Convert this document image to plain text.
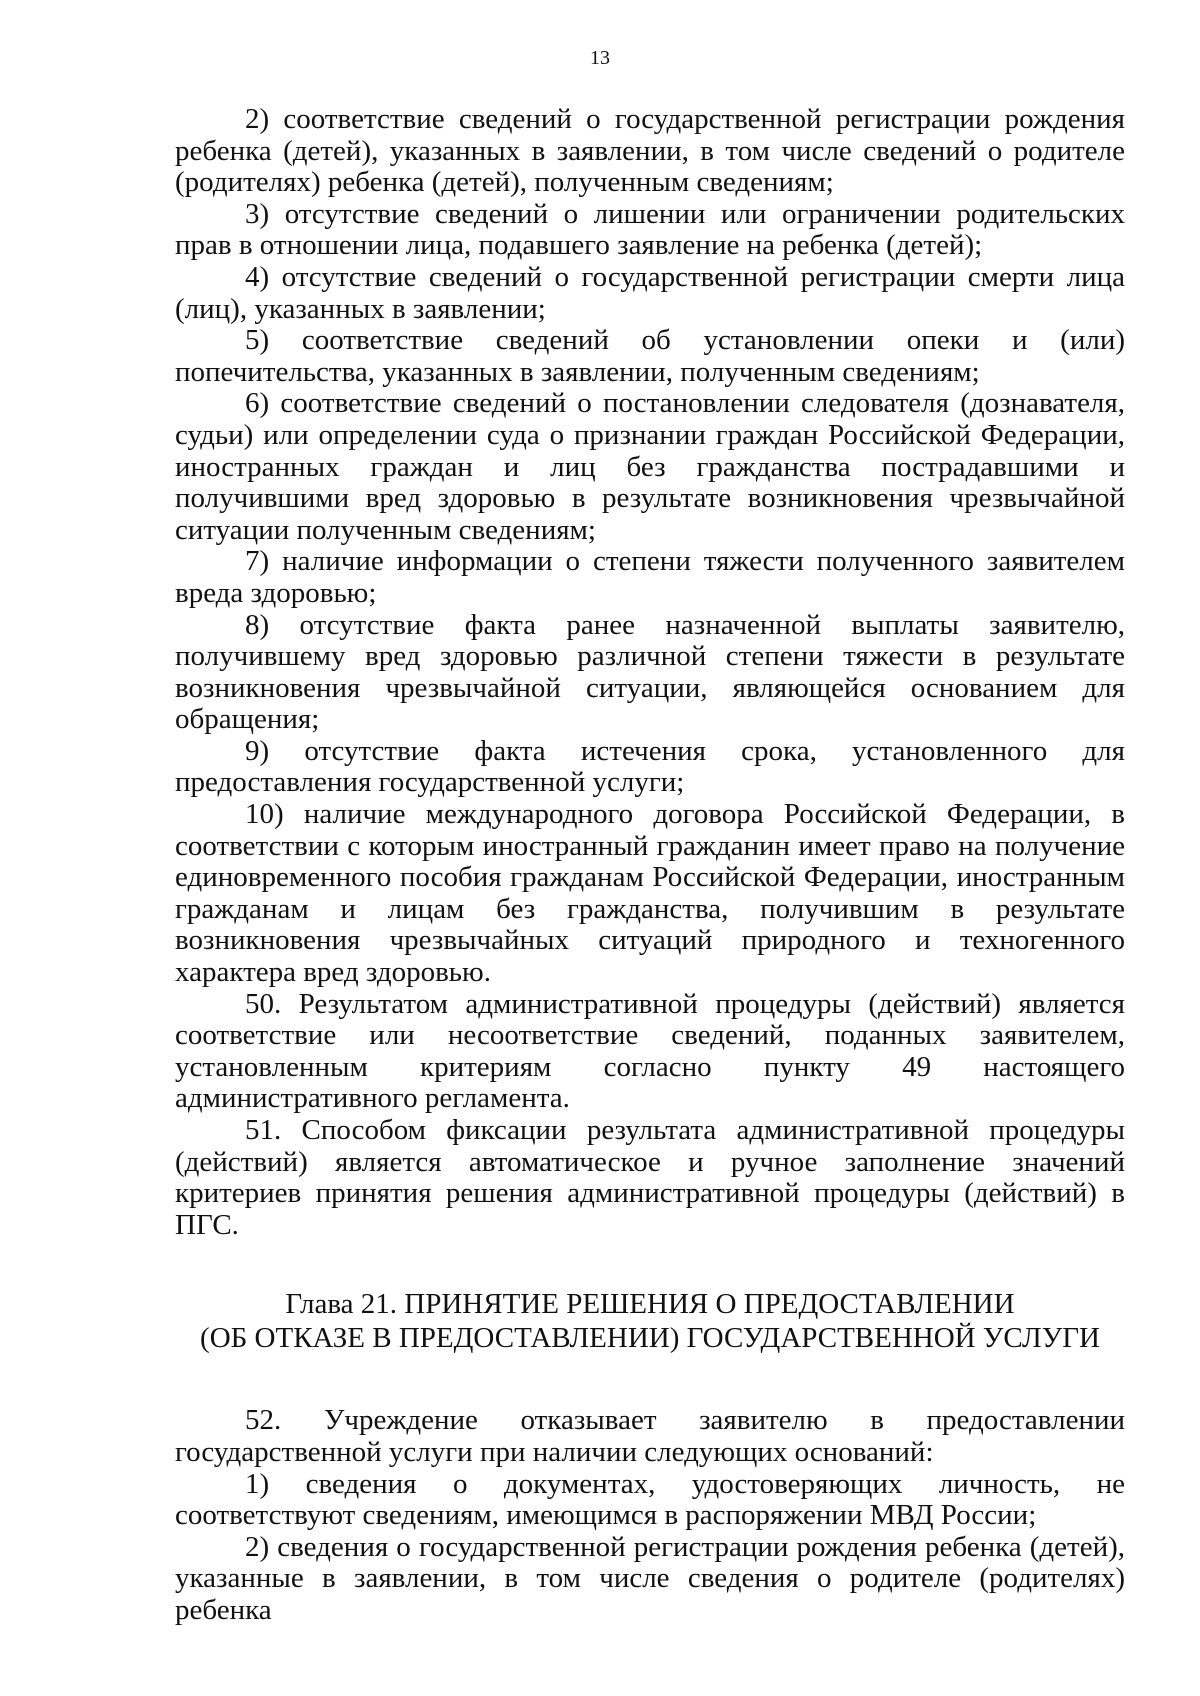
13

2) соответствие сведений о государственной регистрации рождения ребенка (детей), указанных в заявлении, в том числе сведений о родителе (родителях) ребенка (детей), полученным сведениям;

3) отсутствие сведений о лишении или ограничении родительских прав в отношении лица, подавшего заявление на ребенка (детей);

4) отсутствие сведений о государственной регистрации смерти лица (лиц), указанных в заявлении;

5) соответствие сведений об установлении опеки и (или) попечительства, указанных в заявлении, полученным сведениям;

6) соответствие сведений о постановлении следователя (дознавателя, судьи) или определении суда о признании граждан Российской Федерации, иностранных граждан и лиц без гражданства пострадавшими и получившими вред здоровью в результате возникновения чрезвычайной ситуации полученным сведениям;

7) наличие информации о степени тяжести полученного заявителем вреда здоровью;

8) отсутствие факта ранее назначенной выплаты заявителю, получившему вред здоровью различной степени тяжести в результате возникновения чрезвычайной ситуации, являющейся основанием для обращения;

9) отсутствие факта истечения срока, установленного для предоставления государственной услуги;

10) наличие международного договора Российской Федерации, в соответствии с которым иностранный гражданин имеет право на получение единовременного пособия гражданам Российской Федерации, иностранным гражданам и лицам без гражданства, получившим в результате возникновения чрезвычайных ситуаций природного и техногенного характера вред здоровью.

50. Результатом административной процедуры (действий) является соответствие или несоответствие сведений, поданных заявителем, установленным критериям согласно пункту 49 настоящего административного регламента.

51. Способом фиксации результата административной процедуры (действий) является автоматическое и ручное заполнение значений критериев принятия решения административной процедуры (действий) в ПГС.

Глава 21. ПРИНЯТИЕ РЕШЕНИЯ О ПРЕДОСТАВЛЕНИИ
(ОБ ОТКАЗЕ В ПРЕДОСТАВЛЕНИИ) ГОСУДАРСТВЕННОЙ УСЛУГИ

52. Учреждение отказывает заявителю в предоставлении государственной услуги при наличии следующих оснований:

1) сведения о документах, удостоверяющих личность, не соответствуют сведениям, имеющимся в распоряжении МВД России;

2) сведения о государственной регистрации рождения ребенка (детей), указанные в заявлении, в том числе сведения о родителе (родителях) ребенка
